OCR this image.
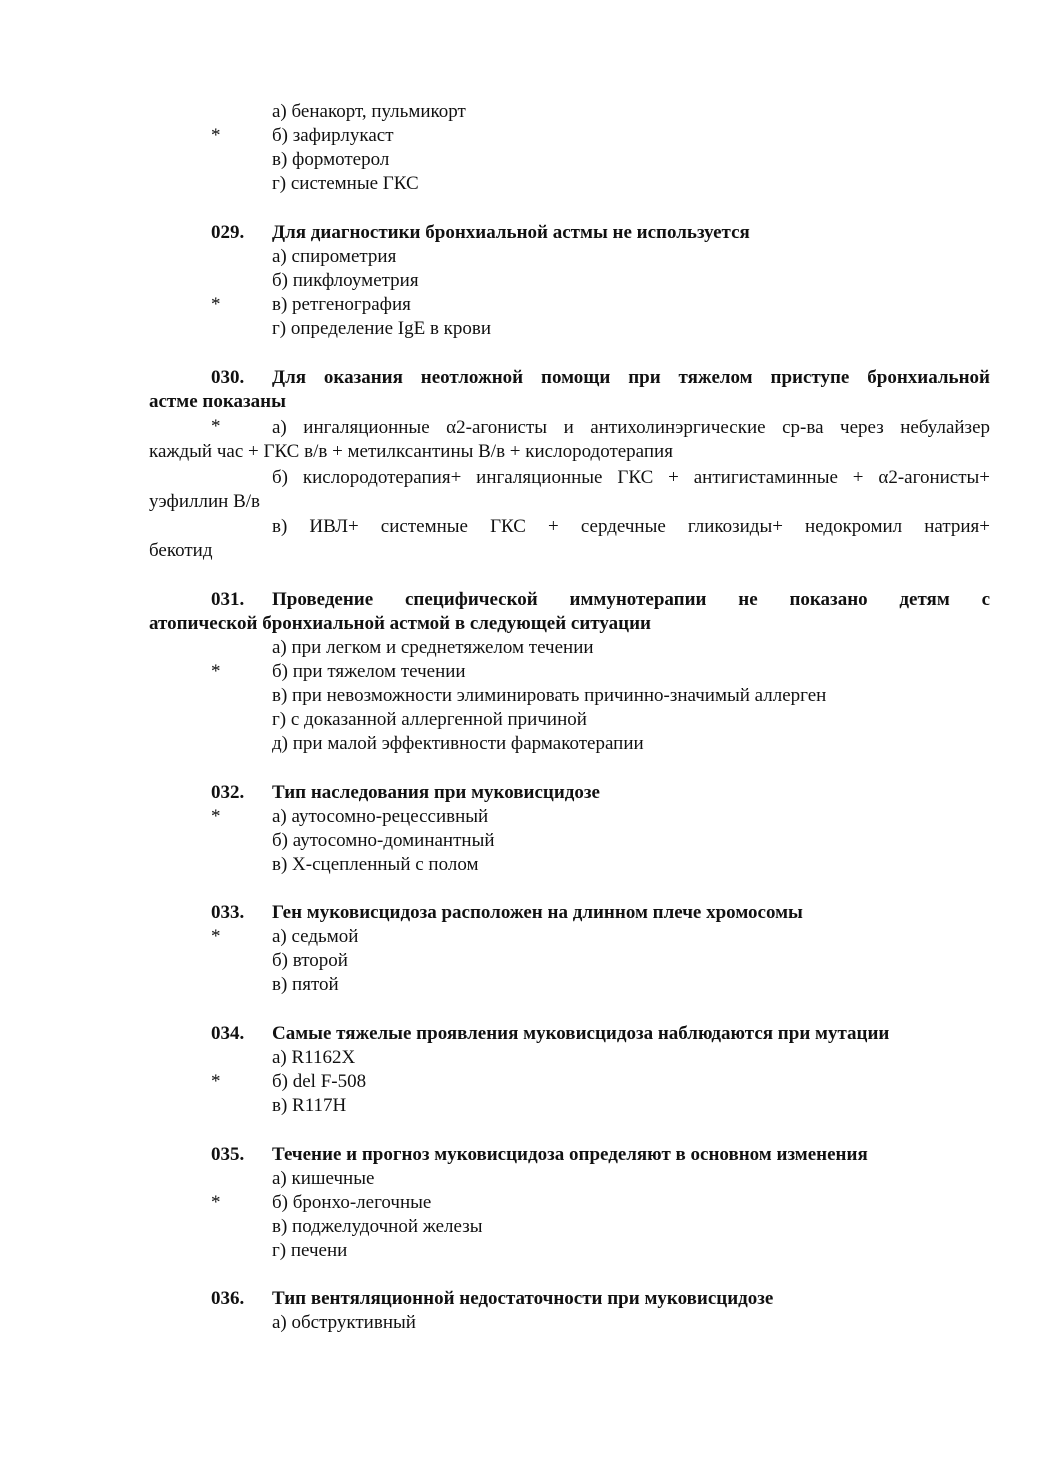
а) бенакорт, пульмикорт
*	б) зафирлукаст
в) формотерол
г) системные ГКС
029. Для диагностики бронхиальной астмы не используется
а) спирометрия
б) пикфлоуметрия
*	в) ретгенография
г) определение IgE в крови
030. Для оказания неотложной помощи при тяжелом приступе бронхиальной
астме показаны
*	а) ингаляционные α2-агонисты и антихолинэргические ср-ва через небулайзер
каждый час + ГКС в/в + метилксантины В/в + кислородотерапия
б) кислородотерапия+ ингаляционные ГКС + антигистаминные + α2-агонисты+
уэфиллин В/в
в) ИВЛ+ системные ГКС + сердечные гликозиды+ недокромил натрия+
бекотид
031. Проведение специфической иммунотерапии не показано детям с
атопической бронхиальной астмой в следующей ситуации
а) при легком и среднетяжелом течении
*	б) при тяжелом течении
в) при невозможности элиминировать причинно-значимый аллерген
г) с доказанной аллергенной причиной
д) при малой эффективности фармакотерапии
032. Тип наследования при муковисцидозе
*	а) аутосомно-рецессивный
б) аутосомно-доминантный
в) Х-сцепленный с полом
033. Ген муковисцидоза расположен на длинном плече хромосомы
*	а) седьмой
б) второй
в) пятой
034. Самые тяжелые проявления муковисцидоза наблюдаются при мутации
а) R1162X
*	б) del F-508
в) R117H
035. Течение и прогноз муковисцидоза определяют в основном изменения
а) кишечные
*	б) бронхо-легочные
в) поджелудочной железы
г) печени
036. Тип вентяляционной недостаточности при муковисцидозе
а) обструктивный
